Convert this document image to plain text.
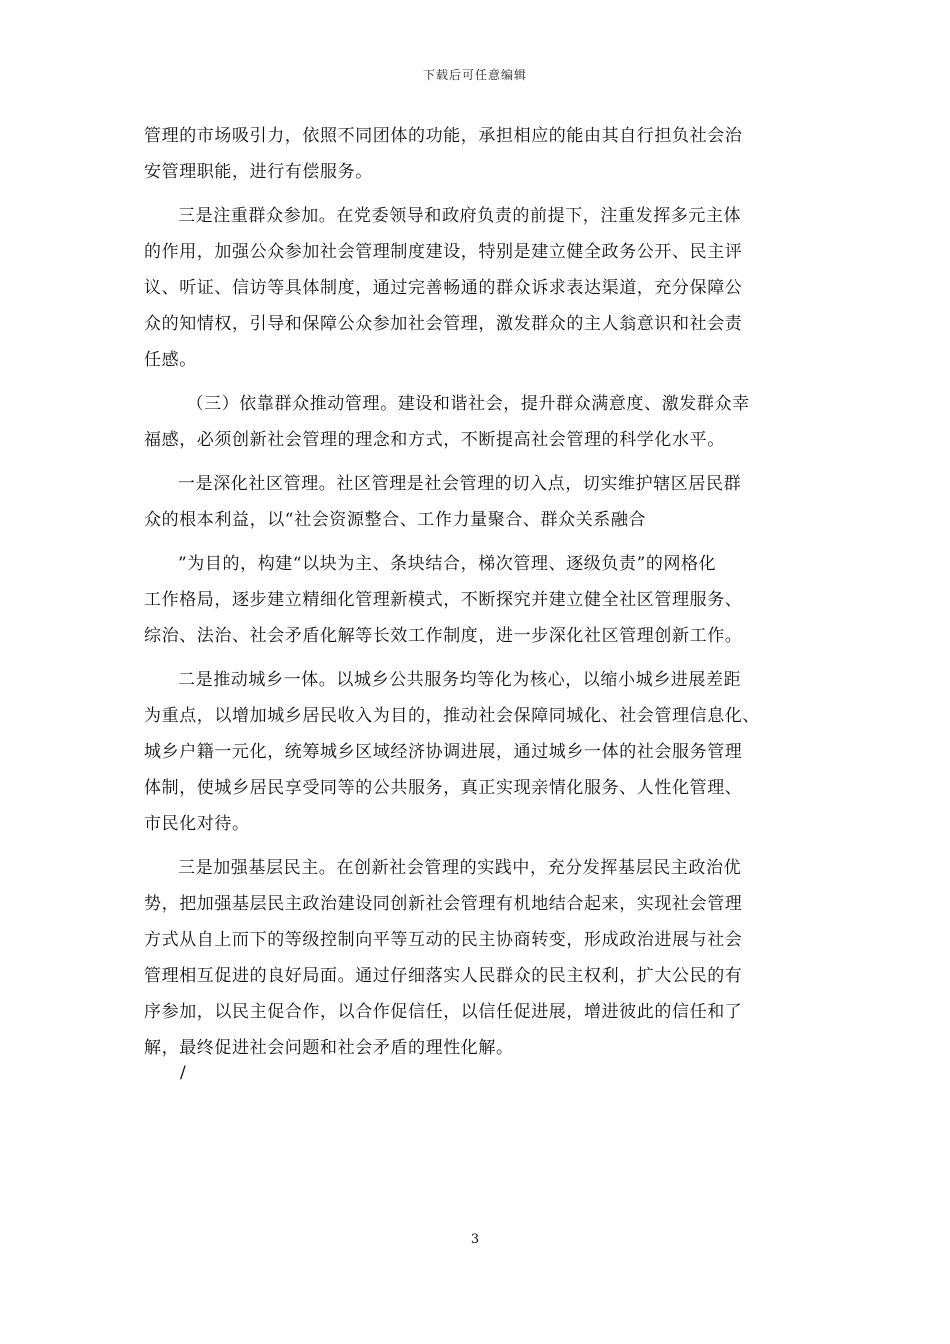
下载后可任意编辑
管理的市场吸引力，依照不同团体的功能，承担相应的能由其自行担负社会治
安管理职能，进行有偿服务。
三是注重群众参加。在党委领导和政府负责的前提下，注重发挥多元主体
的作用，加强公众参加社会管理制度建设，特别是建立健全政务公开、民主评
议、听证、信访等具体制度，通过完善畅通的群众诉求表达渠道，充分保障公
众的知情权，引导和保障公众参加社会管理，激发群众的主人翁意识和社会责
任感。
（三）依靠群众推动管理。建设和谐社会，提升群众满意度、激发群众幸
福感，必须创新社会管理的理念和方式，不断提高社会管理的科学化水平。
一是深化社区管理。社区管理是社会管理的切入点，切实维护辖区居民群
众的根本利益，以“社会资源整合、工作力量聚合、群众关系融合
”为目的，构建“以块为主、条块结合，梯次管理、逐级负责”的网格化
工作格局，逐步建立精细化管理新模式，不断探究并建立健全社区管理服务、
综治、法治、社会矛盾化解等长效工作制度，进一步深化社区管理创新工作。
二是推动城乡一体。以城乡公共服务均等化为核心，以缩小城乡进展差距
为重点，以增加城乡居民收入为目的，推动社会保障同城化、社会管理信息化、
城乡户籍一元化，统筹城乡区域经济协调进展，通过城乡一体的社会服务管理
体制，使城乡居民享受同等的公共服务，真正实现亲情化服务、人性化管理、
市民化对待。
三是加强基层民主。在创新社会管理的实践中，充分发挥基层民主政治优
势，把加强基层民主政治建设同创新社会管理有机地结合起来，实现社会管理
方式从自上而下的等级控制向平等互动的民主协商转变，形成政治进展与社会
管理相互促进的良好局面。通过仔细落实人民群众的民主权利，扩大公民的有
序参加，以民主促合作，以合作促信任，以信任促进展，增进彼此的信任和了
解，最终促进社会问题和社会矛盾的理性化解。
/
3
